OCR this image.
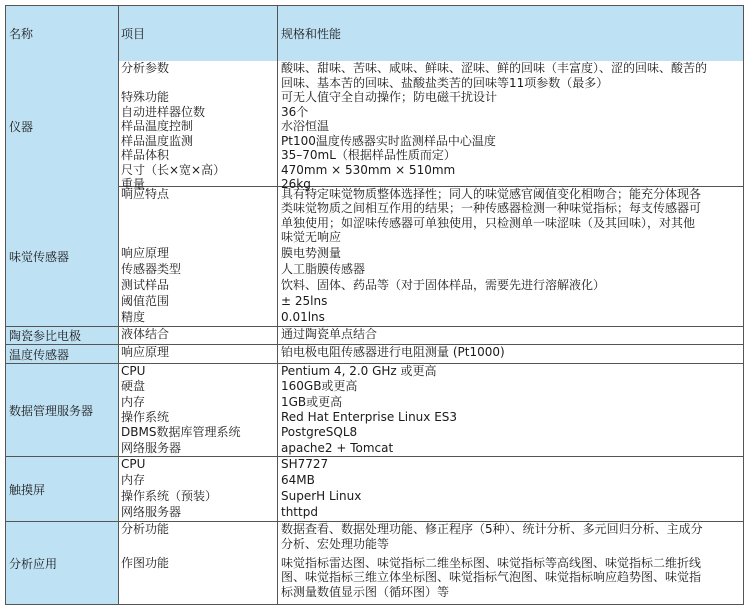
名称	项目	规格和性能
仪器
分析参数	酸味、甜味、苦味、咸味、鲜味、涩味、鲜的回味（丰富度）、涩的回味、酸苦的
回味、基本苦的回味、盐酸盐类苦的回味等11项参数（最多）
特殊功能	可无人值守全自动操作；防电磁干扰设计
自动进样器位数	36个
样品温度控制	水浴恒温
样品温度监测	Pt100温度传感器实时监测样品中心温度
样品体积	35–70mL（根据样品性质而定）
尺寸（长×宽×高）	470mm × 530mm × 510mm
重量	26kg
味觉传感器
响应特点	具有特定味觉物质整体选择性；同人的味觉感官阈值变化相吻合；能充分体现各
类味觉物质之间相互作用的结果；一种传感器检测一种味觉指标；每支传感器可
单独使用；如涩味传感器可单独使用，只检测单一味涩味（及其回味），对其他
味觉无响应
响应原理	膜电势测量
传感器类型	人工脂膜传感器
测试样品	饮料、固体、药品等（对于固体样品，需要先进行溶解液化）
阈值范围	± 25lns
精度	0.01lns
陶瓷参比电极	液体结合	通过陶瓷单点结合
温度传感器	响应原理	铂电极电阻传感器进行电阻测量 (Pt1000)
数据管理服务器
CPU	Pentium 4, 2.0 GHz 或更高
硬盘	160GB或更高
内存	1GB或更高
操作系统	Red Hat Enterprise Linux ES3
DBMS数据库管理系统	PostgreSQL8
网络服务器	apache2 + Tomcat
触摸屏
CPU	SH7727
内存	64MB
操作系统（预装）	SuperH Linux
网络服务器	thttpd
分析应用
分析功能	数据查看、数据处理功能、修正程序（5种）、统计分析、多元回归分析、主成分
分析、宏处理功能等
作图功能	味觉指标雷达图、味觉指标二维坐标图、味觉指标等高线图、味觉指标二维折线
图、味觉指标三维立体坐标图、味觉指标气泡图、味觉指标响应趋势图、味觉指
标测量数值显示图（循环图）等
